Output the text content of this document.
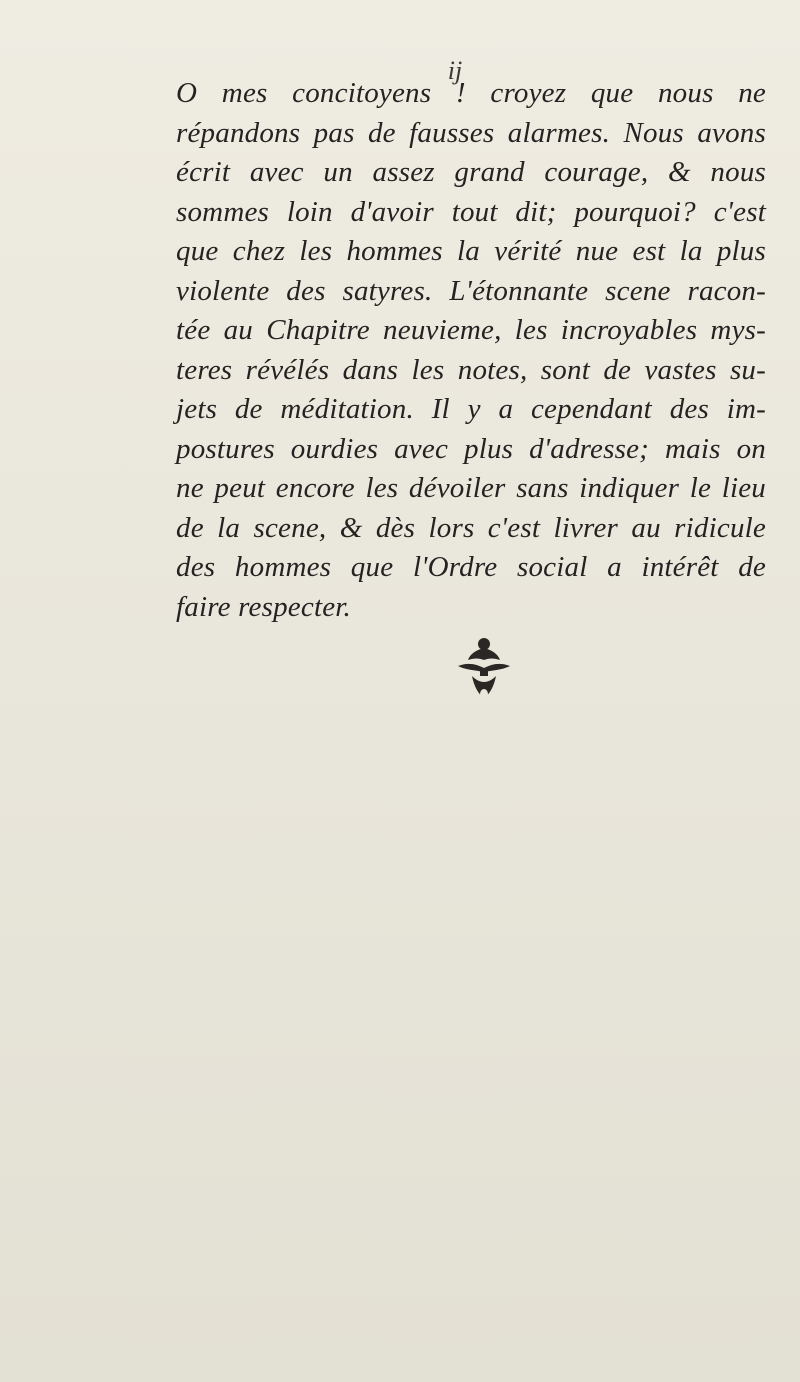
ij
O mes concitoyens ! croyez que nous ne
répandons pas de fausses alarmes. Nous avons
écrit avec un assez grand courage, & nous
sommes loin d'avoir tout dit; pourquoi? c'est
que chez les hommes la vérité nue est la plus
violente des satyres. L'étonnante scene racon-
tée au Chapitre neuvieme, les incroyables mys-
teres révélés dans les notes, sont de vastes su-
jets de méditation. Il y a cependant des im-
postures ourdies avec plus d'adresse; mais on
ne peut encore les dévoiler sans indiquer le lieu
de la scene, & dès lors c'est livrer au ridicule
des hommes que l'Ordre social a intérêt de
faire respecter.
